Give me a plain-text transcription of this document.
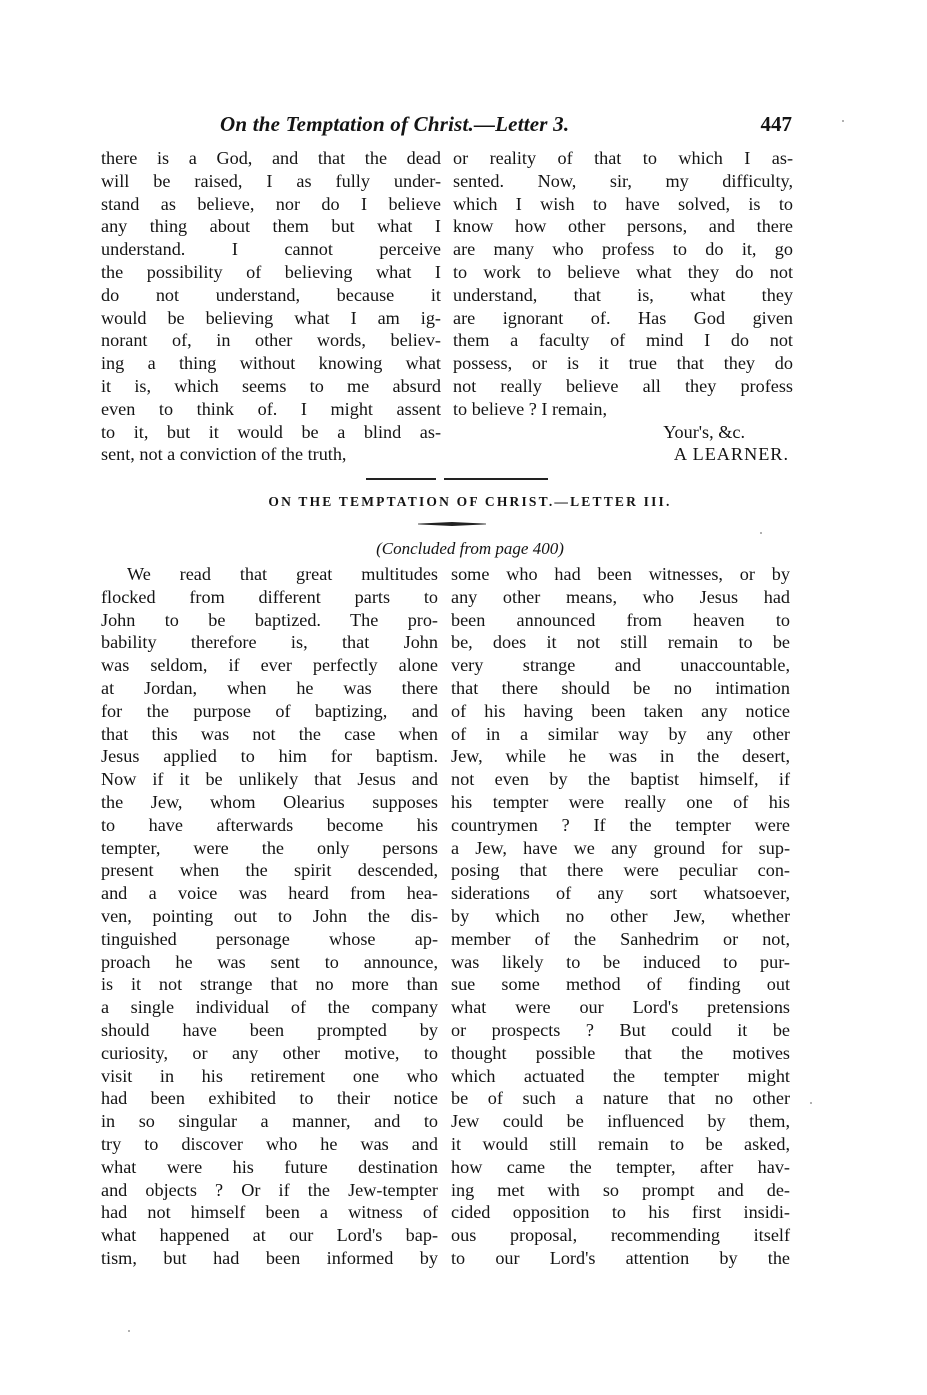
On the Temptation of Christ.—Letter 3.	447
there is a God, and that the dead
will be raised, I as fully under-
stand as believe, nor do I believe
any thing about them but what I
understand. I cannot perceive
the possibility of believing what I
do not understand, because it
would be believing what I am ig-
norant of, in other words, believ-
ing a thing without knowing what
it is, which seems to me absurd
even to think of. I might assent
to it, but it would be a blind as-
sent, not a conviction of the truth,
or reality of that to which I as-
sented. Now, sir, my difficulty,
which I wish to have solved, is to
know how other persons, and there
are many who profess to do it, go
to work to believe what they do not
understand, that is, what they
are ignorant of. Has God given
them a faculty of mind I do not
possess, or is it true that they do
not really believe all they profess
to believe ? I remain,
Your's, &c.
A LEARNER.
ON THE TEMPTATION OF CHRIST.—LETTER III.
(Concluded from page 400)
We read that great multitudes
flocked from different parts to
John to be baptized. The pro-
bability therefore is, that John
was seldom, if ever perfectly alone
at Jordan, when he was there
for the purpose of baptizing, and
that this was not the case when
Jesus applied to him for baptism.
Now if it be unlikely that Jesus and
the Jew, whom Olearius supposes
to have afterwards become his
tempter, were the only persons
present when the spirit descended,
and a voice was heard from hea-
ven, pointing out to John the dis-
tinguished personage whose ap-
proach he was sent to announce,
is it not strange that no more than
a single individual of the company
should have been prompted by
curiosity, or any other motive, to
visit in his retirement one who
had been exhibited to their notice
in so singular a manner, and to
try to discover who he was and
what were his future destination
and objects ? Or if the Jew-tempter
had not himself been a witness of
what happened at our Lord's bap-
tism, but had been informed by
some who had been witnesses, or by
any other means, who Jesus had
been announced from heaven to
be, does it not still remain to be
very strange and unaccountable,
that there should be no intimation
of his having been taken any notice
of in a similar way by any other
Jew, while he was in the desert,
not even by the baptist himself, if
his tempter were really one of his
countrymen ? If the tempter were
a Jew, have we any ground for sup-
posing that there were peculiar con-
siderations of any sort whatsoever,
by which no other Jew, whether
member of the Sanhedrim or not,
was likely to be induced to pur-
sue some method of finding out
what were our Lord's pretensions
or prospects ? But could it be
thought possible that the motives
which actuated the tempter might
be of such a nature that no other
Jew could be influenced by them,
it would still remain to be asked,
how came the tempter, after hav-
ing met with so prompt and de-
cided opposition to his first insidi-
ous proposal, recommending itself
to our Lord's attention by the
